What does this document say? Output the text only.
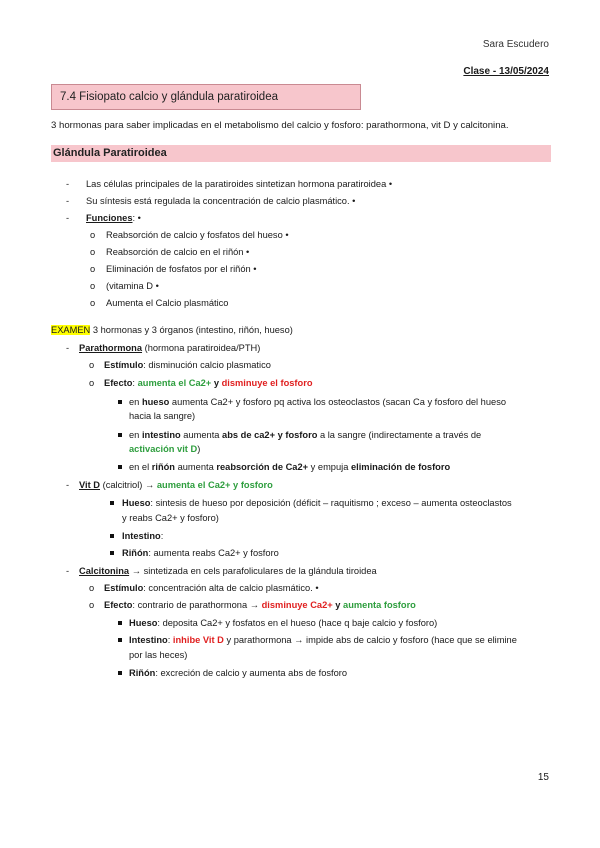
Sara Escudero
Clase - 13/05/2024
7.4 Fisiopato calcio y glándula paratiroidea
3 hormonas para saber implicadas en el metabolismo del calcio y fosforo: parathormona, vit D y calcitonina.
Glándula Paratiroidea
- Las células principales de la paratiroides sintetizan hormona paratiroidea •
- Su síntesis está regulada la concentración de calcio plasmático. •
- Funciones: •
o Reabsorción de calcio y fosfatos del hueso •
o Reabsorción de calcio en el riñón •
o Eliminación de fosfatos por el riñón •
o (vitamina D •
o Aumenta el Calcio plasmático
EXAMEN 3 hormonas y 3 órganos (intestino, riñón, hueso)
- Parathormona (hormona paratiroidea/PTH)
o Estímulo: disminución calcio plasmatico
o Efecto: aumenta el Ca2+ y disminuye el fosforo
en hueso aumenta Ca2+ y fosforo pq activa los osteoclastos (sacan Ca y fosforo del hueso
hacia la sangre)
en intestino aumenta abs de ca2+ y fosforo a la sangre (indirectamente a través de
activación vit D)
en el riñón aumenta reabsorción de Ca2+ y empuja eliminación de fosforo
- Vit D (calcitriol) → aumenta el Ca2+ y fosforo
Hueso: sintesis de hueso por deposición (déficit – raquitismo ; exceso – aumenta osteoclastos
y reabs Ca2+ y fosforo)
Intestino:
Riñón: aumenta reabs Ca2+ y fosforo
- Calcitonina → sintetizada en cels parafoliculares de la glándula tiroidea
o Estímulo: concentración alta de calcio plasmático. •
o Efecto: contrario de parathormona → disminuye Ca2+ y aumenta fosforo
Hueso: deposita Ca2+ y fosfatos en el hueso (hace q baje calcio y fosforo)
Intestino: inhibe Vit D y parathormona → impide abs de calcio y fosforo (hace que se elimine
por las heces)
Riñón: excreción de calcio y aumenta abs de fosforo
15
